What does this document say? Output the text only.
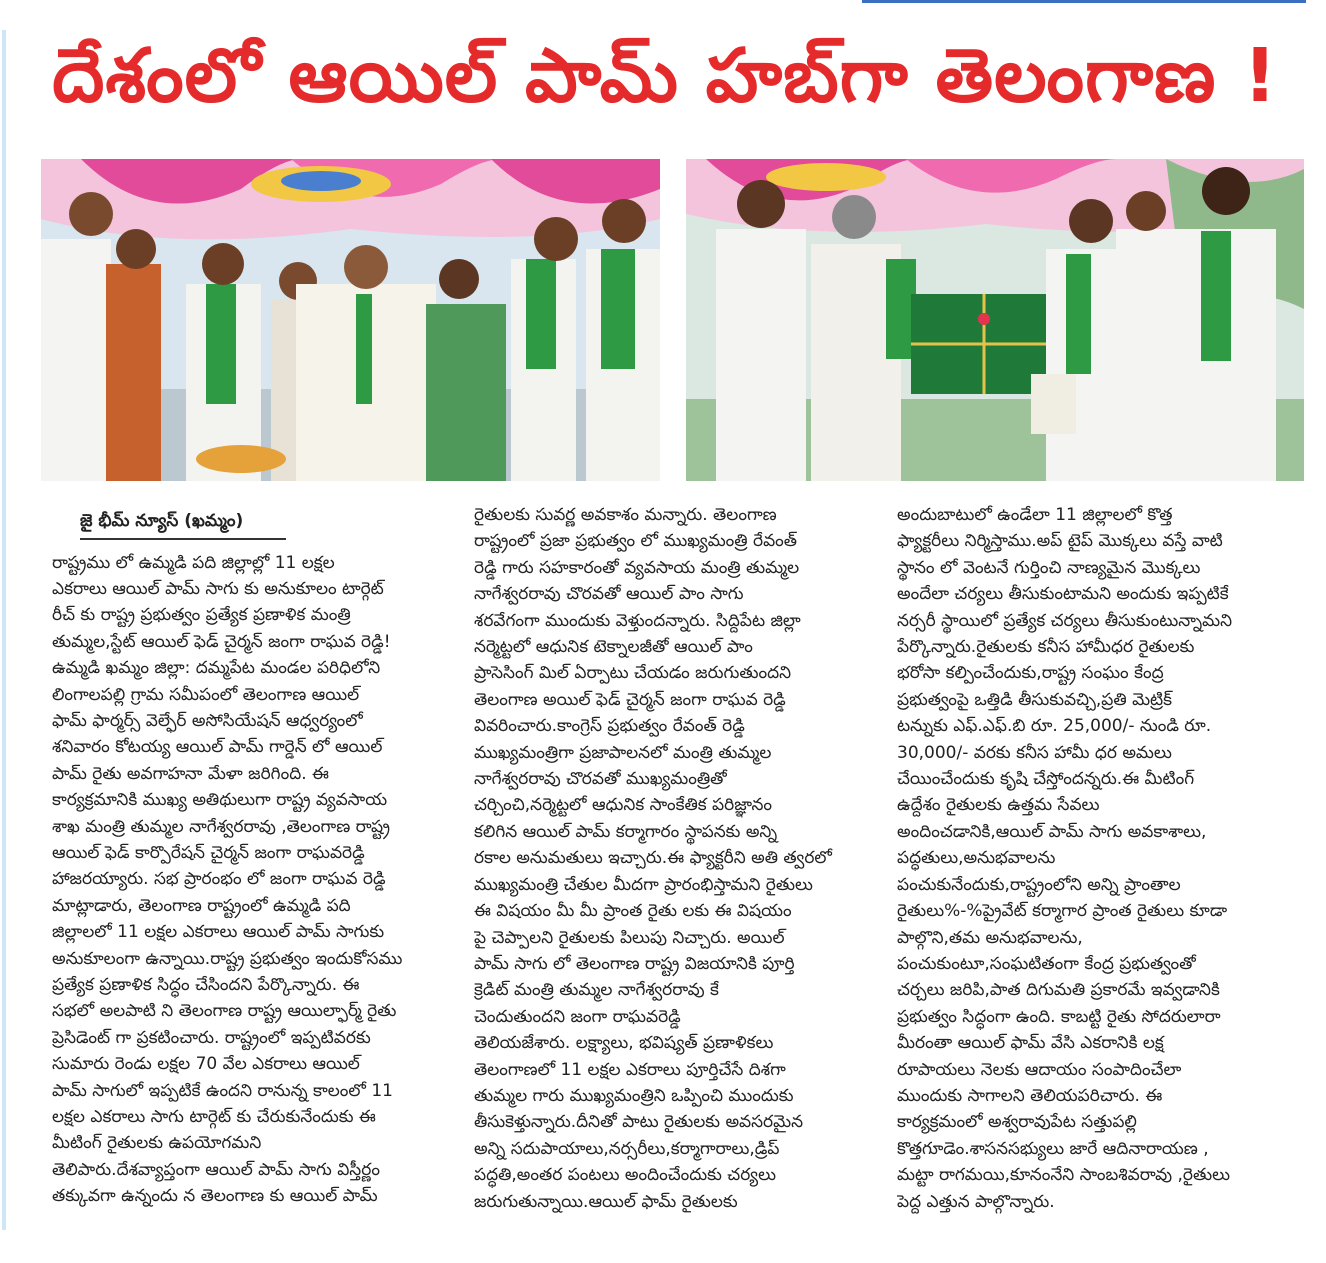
దేశంలో ఆయిల్ పామ్ హబ్‌గా తెలంగాణ !
జై భీమ్ న్యూస్ (ఖమ్మం)

రాష్ట్రము లో ఉమ్మడి పది జిల్లాల్లో 11 లక్షల

ఎకరాలు ఆయిల్ పామ్ సాగు కు అనుకూలం టార్గెట్

రీచ్ కు రాష్ట్ర ప్రభుత్వం ప్రత్యేక ప్రణాళిక మంత్రి

తుమ్మల,స్టేట్ ఆయిల్ ఫెడ్ చైర్మన్ జంగా రాఘవ రెడ్డి!

ఉమ్మడి ఖమ్మం జిల్లా: దమ్మపేట మండల పరిధిలోని

లింగాలపల్లి గ్రామ సమీపంలో తెలంగాణ ఆయిల్

ఫామ్ ఫార్మర్స్ వెల్ఫేర్ అసోసియేషన్ ఆధ్వర్యంలో

శనివారం కోటయ్య ఆయిల్ పామ్ గార్డెన్ లో ఆయిల్

పామ్ రైతు అవగాహనా మేళా జరిగింది. ఈ

కార్యక్రమానికి ముఖ్య అతిథులుగా రాష్ట్ర వ్యవసాయ

శాఖ మంత్రి తుమ్మల నాగేశ్వరరావు ,తెలంగాణ రాష్ట్ర

ఆయిల్ ఫెడ్ కార్పొరేషన్ చైర్మన్ జంగా రాఘవరెడ్డి

హాజరయ్యారు. సభ ప్రారంభం లో జంగా రాఘవ రెడ్డి

మాట్లాడారు, తెలంగాణ రాష్ట్రంలో ఉమ్మడి పది

జిల్లాలలో 11 లక్షల ఎకరాలు ఆయిల్ పామ్ సాగుకు

అనుకూలంగా ఉన్నాయి.రాష్ట్ర ప్రభుత్వం ఇందుకోసము

ప్రత్యేక ప్రణాళిక సిద్ధం చేసిందని పేర్కొన్నారు. ఈ

సభలో అలపాటి ని తెలంగాణ రాష్ట్ర ఆయిల్ఫార్మ్ రైతు

ప్రెసిడెంట్ గా ప్రకటించారు. రాష్ట్రంలో ఇప్పటివరకు

సుమారు రెండు లక్షల 70 వేల ఎకరాలు ఆయిల్

పామ్ సాగులో ఇప్పటికే ఉందని రానున్న కాలంలో 11

లక్షల ఎకరాలు సాగు టార్గెట్ కు చేరుకునేందుకు ఈ

మీటింగ్ రైతులకు ఉపయోగమని

తెలిపారు.దేశవ్యాప్తంగా ఆయిల్ పామ్ సాగు విస్తీర్ణం

తక్కువగా ఉన్నందు న తెలంగాణ కు ఆయిల్ పామ్

రైతులకు సువర్ణ అవకాశం మన్నారు. తెలంగాణ

రాష్ట్రంలో ప్రజా ప్రభుత్వం లో ముఖ్యమంత్రి రేవంత్

రెడ్డి గారు సహకారంతో వ్యవసాయ మంత్రి తుమ్మల

నాగేశ్వరరావు చొరవతో ఆయిల్ పాం సాగు

శరవేగంగా ముందుకు వెళ్తుందన్నారు. సిద్దిపేట జిల్లా

నర్మెట్టలో ఆధునిక టెక్నాలజీతో ఆయిల్ పాం

ప్రాసెసింగ్ మిల్ ఏర్పాటు చేయడం జరుగుతుందని

తెలంగాణ అయిల్ ఫెడ్ చైర్మన్ జంగా రాఘవ రెడ్డి

వివరించారు.కాంగ్రెస్ ప్రభుత్వం రేవంత్ రెడ్డి

ముఖ్యమంత్రిగా ప్రజాపాలనలో మంత్రి తుమ్మల

నాగేశ్వరరావు చొరవతో ముఖ్యమంత్రితో

చర్చించి,నర్మెట్టలో ఆధునిక సాంకేతిక పరిజ్ఞానం

కలిగిన ఆయిల్ పామ్ కర్మాగారం స్థాపనకు అన్ని

రకాల అనుమతులు ఇచ్చారు.ఈ ఫ్యాక్టరీని అతి త్వరలో

ముఖ్యమంత్రి చేతుల మీదగా ప్రారంభిస్తామని రైతులు

ఈ విషయం మీ మీ ప్రాంత రైతు లకు ఈ విషయం

పై చెప్పాలని రైతులకు పిలుపు నిచ్చారు. అయిల్

పామ్ సాగు లో తెలంగాణ రాష్ట్ర విజయానికి పూర్తి

క్రెడిట్ మంత్రి తుమ్మల నాగేశ్వరరావు కే

చెందుతుందని జంగా రాఘవరెడ్డి

తెలియజేశారు. లక్ష్యాలు, భవిష్యత్ ప్రణాళికలు

తెలంగాణలో 11 లక్షల ఎకరాలు పూర్తిచేసే దిశగా

తుమ్మల గారు ముఖ్యమంత్రిని ఒప్పించి ముందుకు

తీసుకెళ్తున్నారు.దీనితో పాటు రైతులకు అవసరమైన

అన్ని సదుపాయాలు,నర్సరీలు,కర్మాగారాలు,డ్రిప్

పద్ధతి,అంతర పంటలు అందించేందుకు చర్యలు

జరుగుతున్నాయి.ఆయిల్ ఫామ్ రైతులకు

అందుబాటులో ఉండేలా 11 జిల్లాలలో కొత్త

ఫ్యాక్టరీలు నిర్మిస్తాము.అప్ టైప్ మొక్కలు వస్తే వాటి

స్థానం లో వెంటనే గుర్తించి నాణ్యమైన మొక్కలు

అందేలా చర్యలు తీసుకుంటామని అందుకు ఇప్పటికే

నర్సరీ స్థాయిలో ప్రత్యేక చర్యలు తీసుకుంటున్నామని

పేర్కొన్నారు.రైతులకు కనీస హామీధర రైతులకు

భరోసా కల్పించేందుకు,రాష్ట్ర సంఘం కేంద్ర

ప్రభుత్వంపై ఒత్తిడి తీసుకువచ్చి,ప్రతి మెట్రిక్

టన్నుకు ఎఫ్.ఎఫ్.బి రూ. 25,000/- నుండి రూ.

30,000/- వరకు కనీస హామీ ధర అమలు

చేయించేందుకు కృషి చేస్తోందన్నరు.ఈ మీటింగ్

ఉద్దేశం రైతులకు ఉత్తమ సేవలు

అందించడానికి,ఆయిల్ పామ్ సాగు అవకాశాలు,

పద్ధతులు,అనుభవాలను

పంచుకునేందుకు,రాష్ట్రంలోని అన్ని ప్రాంతాల

రైతులు%-%ప్రైవేట్ కర్మాగార ప్రాంత రైతులు కూడా

పాల్గొని,తమ అనుభవాలను,

పంచుకుంటూ,సంఘటితంగా కేంద్ర ప్రభుత్వంతో

చర్చలు జరిపి,పాత దిగుమతి ప్రకారమే ఇవ్వడానికి

ప్రభుత్వం సిద్ధంగా ఉంది. కాబట్టి రైతు సోదరులారా

మీరంతా ఆయిల్ ఫామ్ వేసి ఎకరానికి లక్ష

రూపాయలు నెలకు ఆదాయం సంపాదించేలా

ముందుకు సాగాలని తెలియపరిచారు. ఈ

కార్యక్రమంలో అశ్వరావుపేట సత్తుపల్లి

కొత్తగూడెం.శాసనసభ్యులు జారే ఆదినారాయణ ,

మట్టా రాగమయి,కూనంనేని సాంబశివరావు ,రైతులు

పెద్ద ఎత్తున పాల్గొన్నారు.
